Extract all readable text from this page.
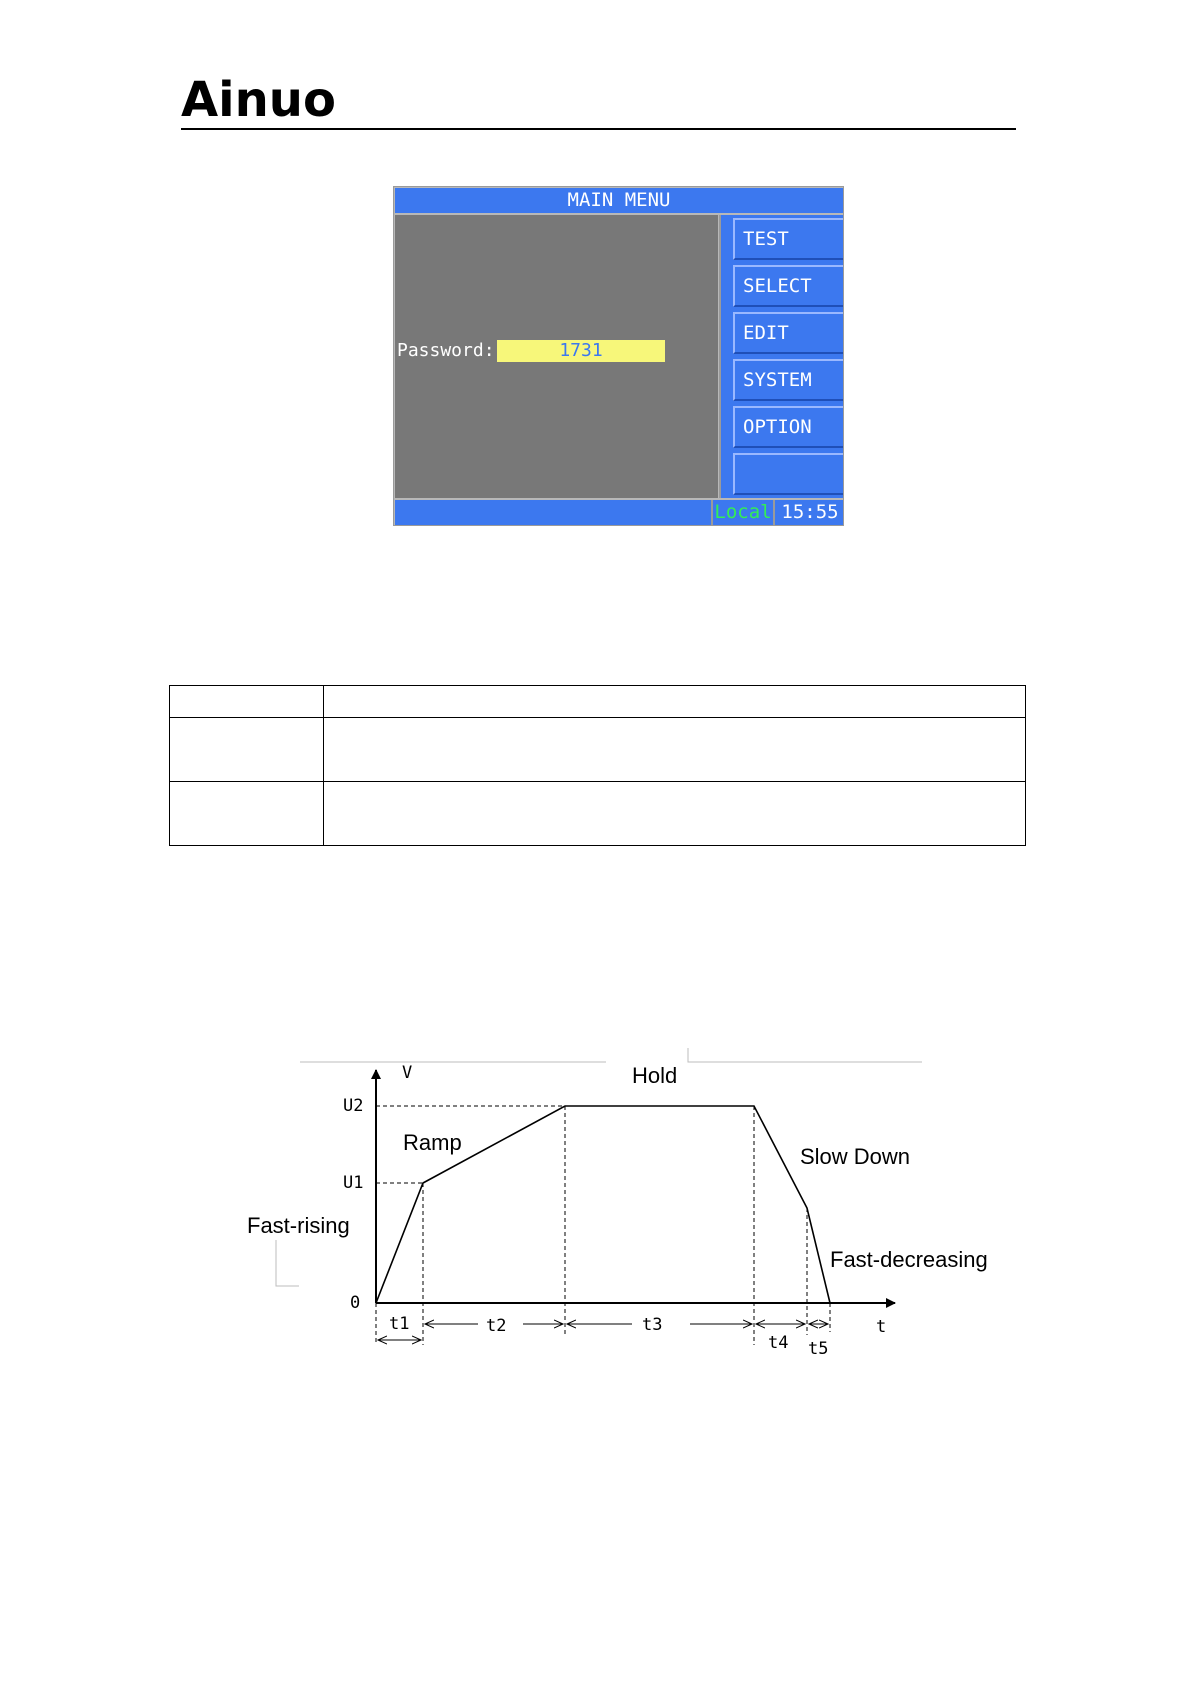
Ainuo
MAIN MENU
Password:	1731
TEST
SELECT
EDIT
SYSTEM
OPTION
Local 15:55

V
U2
U1
0
t
Hold
Ramp
Slow Down
Fast-rising
Fast-decreasing
t1	t2	t3
t4 t5
